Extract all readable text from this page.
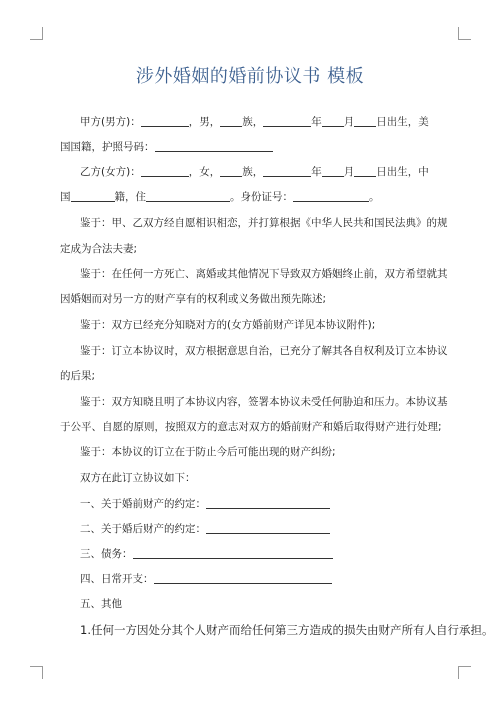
涉外婚姻的婚前协议书 模板
甲方(男方)：	，男， 族，	年 月 日出生，美
国国籍，护照号码：
乙方(女方)：	，女， 族，	年 月 日出生，中
国	籍，住	。身份证号：	。
鉴于：甲、乙双方经自愿相识相恋，并打算根据《中华人民共和国民法典》的规
定成为合法夫妻;
鉴于：在任何一方死亡、离婚或其他情况下导致双方婚姻终止前，双方希望就其
因婚姻而对另一方的财产享有的权利或义务做出预先陈述;
鉴于：双方已经充分知晓对方的(女方婚前财产详见本协议附件);
鉴于：订立本协议时，双方根据意思自治，已充分了解其各自权利及订立本协议
的后果;
鉴于：双方知晓且明了本协议内容，签署本协议未受任何胁迫和压力。本协议基
于公平、自愿的原则，按照双方的意志对双方的婚前财产和婚后取得财产进行处理;
鉴于：本协议的订立在于防止今后可能出现的财产纠纷;
双方在此订立协议如下：
一、关于婚前财产的约定：
二、关于婚后财产的约定：
三、债务：
四、日常开支：
五、其他
1.任何一方因处分其个人财产而给任何第三方造成的损失由财产所有人自行承担。
